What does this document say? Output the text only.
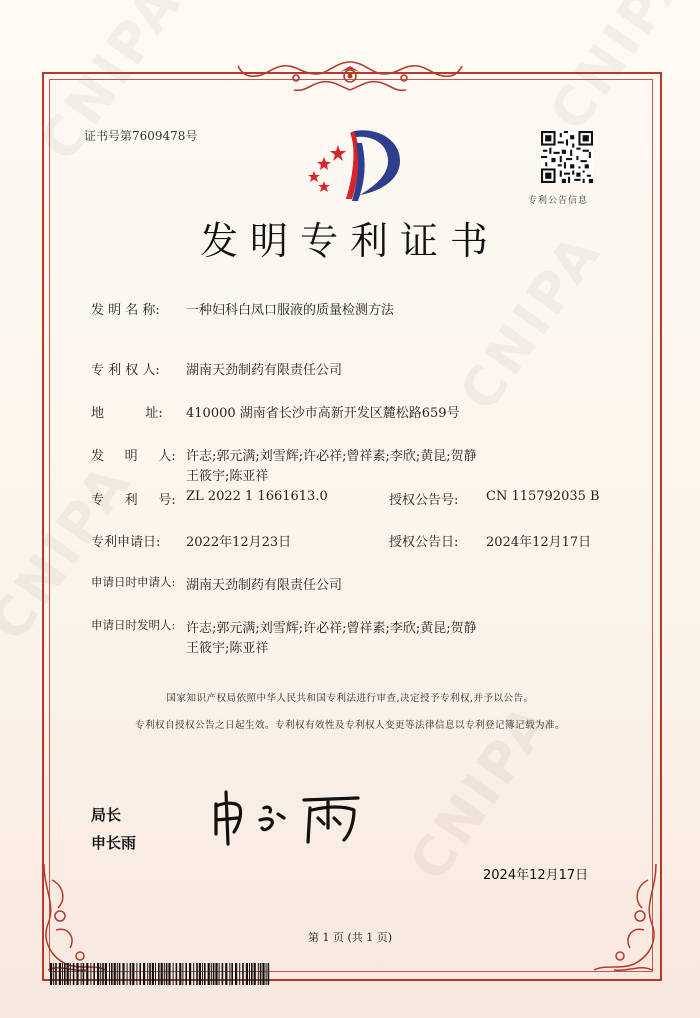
证书号第7609478号
专利公告信息
发明专利证书
发 明 名 称: 一种妇科白凤口服液的质量检测方法
专 利 权 人: 湖南天劲制药有限责任公司
地          址: 410000 湖南省长沙市高新开发区麓松路659号
发     明     人: 许志;郭元满;刘雪辉;许必祥;曾祥素;李欣;黄昆;贺静
王筱宇;陈亚祥
专     利     号: ZL 2022 1 1661613.0	授权公告号: CN 115792035 B
专利申请日: 2022年12月23日	授权公告日: 2024年12月17日
申请日时申请人: 湖南天劲制药有限责任公司
申请日时发明人: 许志;郭元满;刘雪辉;许必祥;曾祥素;李欣;黄昆;贺静
王筱宇;陈亚祥
国家知识产权局依照中华人民共和国专利法进行审查,决定授予专利权,并予以公告。
专利权自授权公告之日起生效。专利权有效性及专利权人变更等法律信息以专利登记簿记载为准。
局长
申长雨
2024年12月17日
第 1 页 (共 1 页)
